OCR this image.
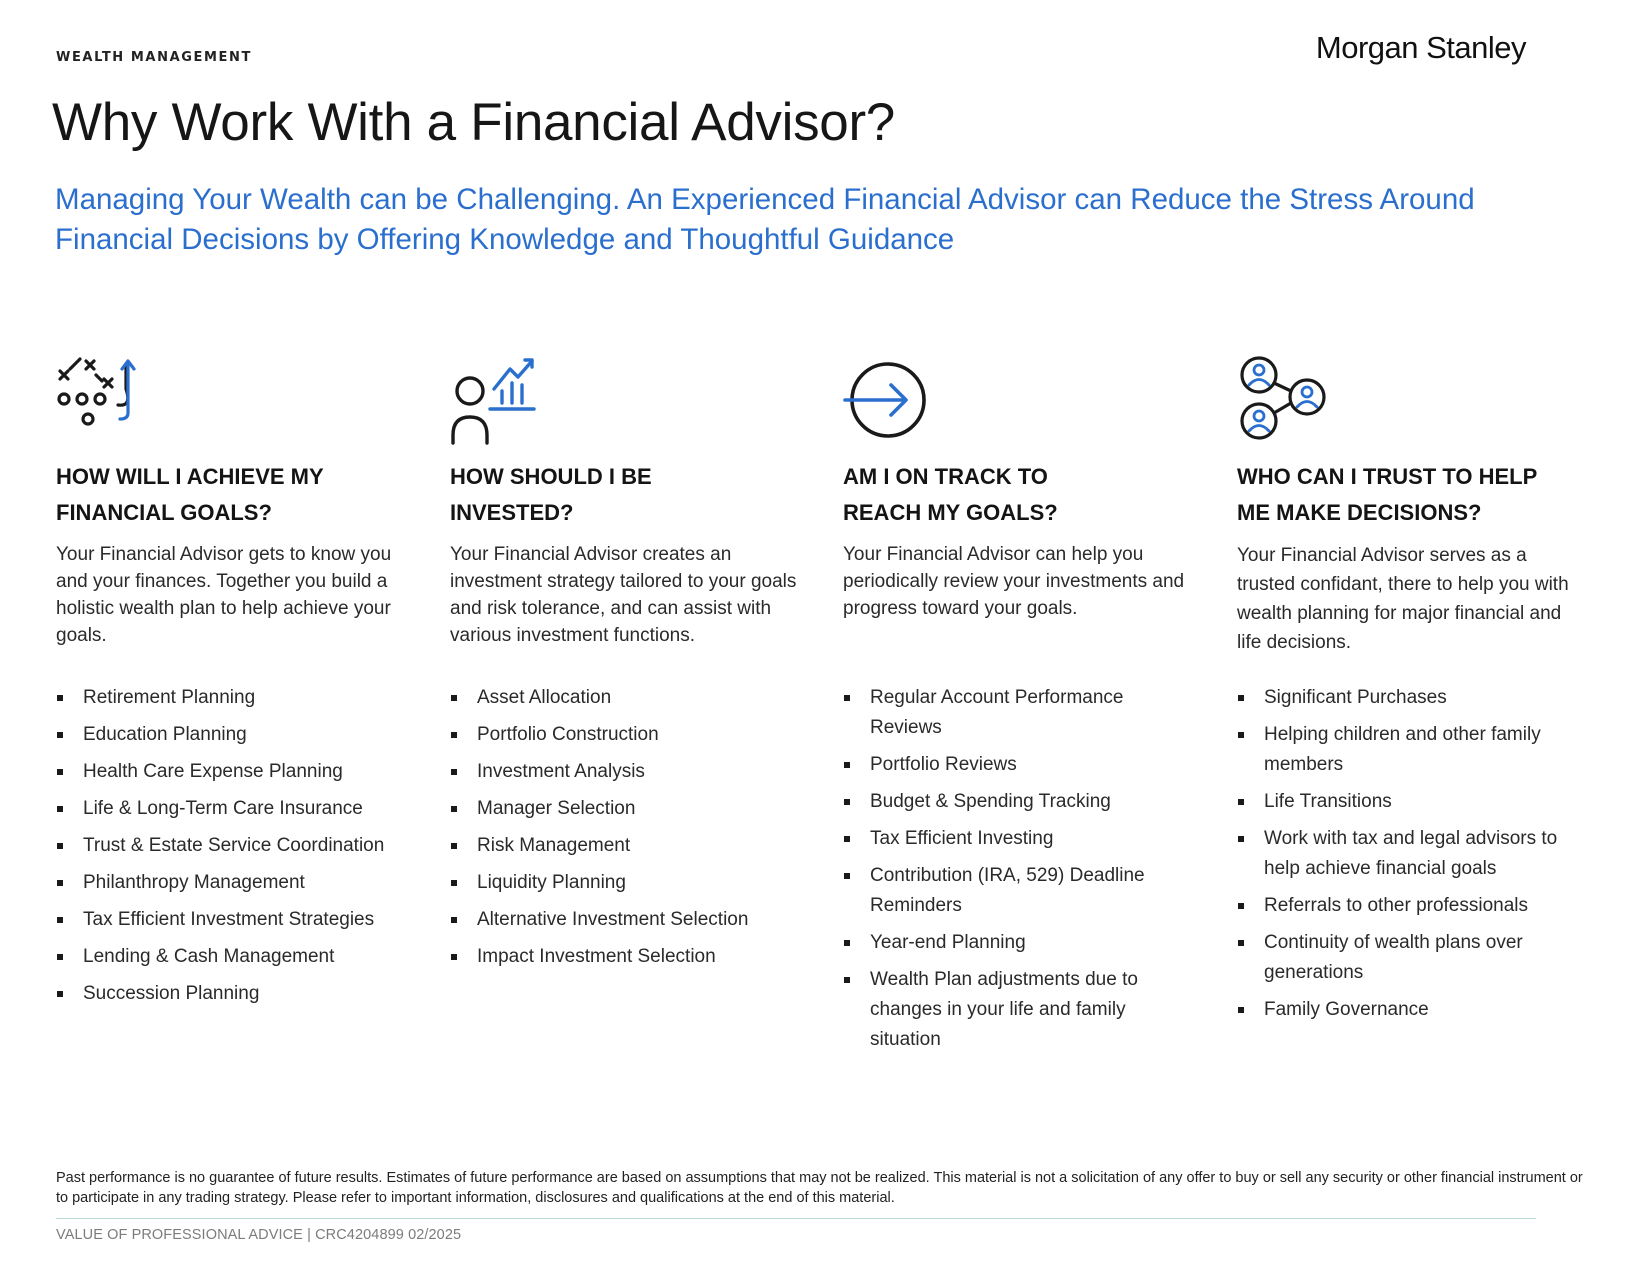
WEALTH MANAGEMENT	Morgan Stanley
Why Work With a Financial Advisor?
Managing Your Wealth can be Challenging. An Experienced Financial Advisor can Reduce the Stress Around Financial Decisions by Offering Knowledge and Thoughtful Guidance
HOW WILL I ACHIEVE MY
FINANCIAL GOALS?

Your Financial Advisor gets to know you and your finances. Together you build a holistic wealth plan to help achieve your goals.

Retirement Planning
Education Planning
Health Care Expense Planning
Life & Long-Term Care Insurance
Trust & Estate Service Coordination
Philanthropy Management
Tax Efficient Investment Strategies
Lending & Cash Management
Succession Planning
HOW SHOULD I BE
INVESTED?

Your Financial Advisor creates an investment strategy tailored to your goals and risk tolerance, and can assist with various investment functions.

Asset Allocation
Portfolio Construction
Investment Analysis
Manager Selection
Risk Management
Liquidity Planning
Alternative Investment Selection
Impact Investment Selection
AM I ON TRACK TO
REACH MY GOALS?

Your Financial Advisor can help you periodically review your investments and progress toward your goals.

Regular Account Performance Reviews
Portfolio Reviews
Budget & Spending Tracking
Tax Efficient Investing
Contribution (IRA, 529) Deadline Reminders
Year-end Planning
Wealth Plan adjustments due to changes in your life and family situation
WHO CAN I TRUST TO HELP
ME MAKE DECISIONS?

Your Financial Advisor serves as a trusted confidant, there to help you with wealth planning for major financial and life decisions.

Significant Purchases
Helping children and other family members
Life Transitions
Work with tax and legal advisors to help achieve financial goals
Referrals to other professionals
Continuity of wealth plans over generations
Family Governance

Past performance is no guarantee of future results. Estimates of future performance are based on assumptions that may not be realized. This material is not a solicitation of any offer to buy or sell any security or other financial instrument or to participate in any trading strategy. Please refer to important information, disclosures and qualifications at the end of this material.

VALUE OF PROFESSIONAL ADVICE | CRC4204899 02/2025
